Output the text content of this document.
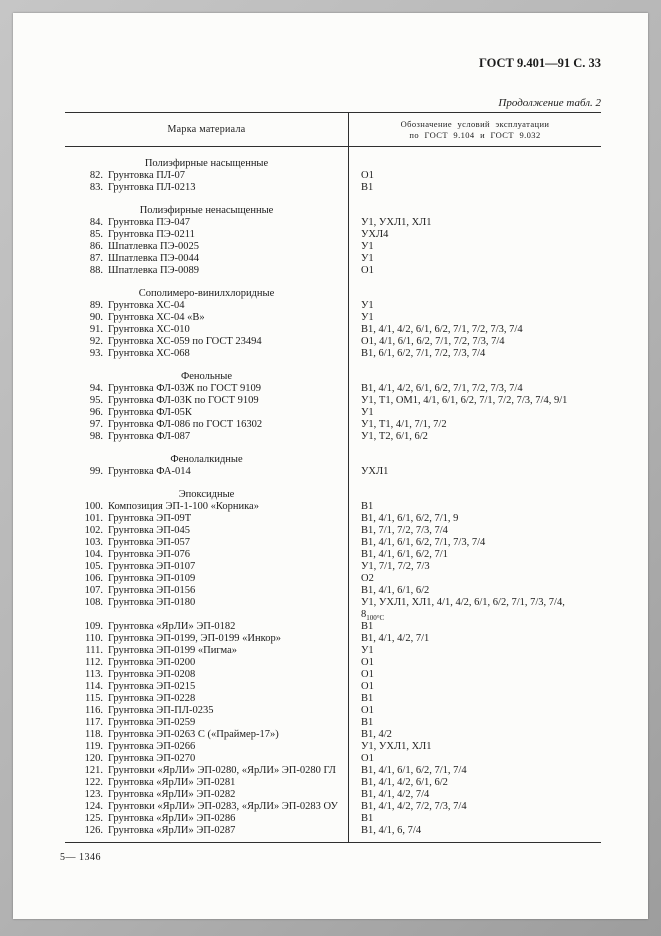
ГОСТ 9.401—91 С. 33
Продолжение табл. 2
Марка материала	Обозначение условий эксплуатации
по ГОСТ 9.104 и ГОСТ 9.032

Полиэфирные насыщенные	
82. Грунтовка ПЛ-07	О1
83. Грунтовка ПЛ-0213	В1
Полиэфирные ненасыщенные	
84. Грунтовка ПЭ-047	У1, УХЛ1, ХЛ1
85. Грунтовка ПЭ-0211	УХЛ4
86. Шпатлевка ПЭ-0025	У1
87. Шпатлевка ПЭ-0044	У1
88. Шпатлевка ПЭ-0089	О1
Сополимеро-винилхлоридные	
89. Грунтовка ХС-04	У1
90. Грунтовка ХС-04 «В»	У1
91. Грунтовка ХС-010	В1, 4/1, 4/2, 6/1, 6/2, 7/1, 7/2, 7/3, 7/4
92. Грунтовка ХС-059 по ГОСТ 23494	О1, 4/1, 6/1, 6/2, 7/1, 7/2, 7/3, 7/4
93. Грунтовка ХС-068	В1, 6/1, 6/2, 7/1, 7/2, 7/3, 7/4
Фенольные	
94. Грунтовка ФЛ-03Ж по ГОСТ 9109	В1, 4/1, 4/2, 6/1, 6/2, 7/1, 7/2, 7/3, 7/4
95. Грунтовка ФЛ-03К по ГОСТ 9109	У1, Т1, ОМ1, 4/1, 6/1, 6/2, 7/1, 7/2, 7/3, 7/4, 9/1
96. Грунтовка ФЛ-05К	У1
97. Грунтовка ФЛ-086 по ГОСТ 16302	У1, Т1, 4/1, 7/1, 7/2
98. Грунтовка ФЛ-087	У1, Т2, 6/1, 6/2
Фенолалкидные	
99. Грунтовка ФА-014	УХЛ1
Эпоксидные	
100. Композиция ЭП-1-100 «Корника»	В1
101. Грунтовка ЭП-09Т	В1, 4/1, 6/1, 6/2, 7/1, 9
102. Грунтовка ЭП-045	В1, 7/1, 7/2, 7/3, 7/4
103. Грунтовка ЭП-057	В1, 4/1, 6/1, 6/2, 7/1, 7/3, 7/4
104. Грунтовка ЭП-076	В1, 4/1, 6/1, 6/2, 7/1
105. Грунтовка ЭП-0107	У1, 7/1, 7/2, 7/3
106. Грунтовка ЭП-0109	О2
107. Грунтовка ЭП-0156	В1, 4/1, 6/1, 6/2
108. Грунтовка ЭП-0180	У1, УХЛ1, ХЛ1, 4/1, 4/2, 6/1, 6/2, 7/1, 7/3, 7/4,
$8_{100^\circ С}$

109. Грунтовка «ЯрЛИ» ЭП-0182	В1
110. Грунтовка ЭП-0199, ЭП-0199 «Инкор»	В1, 4/1, 4/2, 7/1
111. Грунтовка ЭП-0199 «Пигма»	У1
112. Грунтовка ЭП-0200	О1
113. Грунтовка ЭП-0208	О1
114. Грунтовка ЭП-0215	О1
115. Грунтовка ЭП-0228	В1
116. Грунтовка ЭП-ПЛ-0235	О1
117. Грунтовка ЭП-0259	В1
118. Грунтовка ЭП-0263 С («Праймер-17»)	В1, 4/2
119. Грунтовка ЭП-0266	У1, УХЛ1, ХЛ1
120. Грунтовка ЭП-0270	О1
121. Грунтовки «ЯрЛИ» ЭП-0280, «ЯрЛИ» ЭП-0280 ГЛ	В1, 4/1, 6/1, 6/2, 7/1, 7/4
122. Грунтовка «ЯрЛИ» ЭП-0281	В1, 4/1, 4/2, 6/1, 6/2
123. Грунтовка «ЯрЛИ» ЭП-0282	В1, 4/1, 4/2, 7/4
124. Грунтовки «ЯрЛИ» ЭП-0283, «ЯрЛИ» ЭП-0283 ОУ	В1, 4/1, 4/2, 7/2, 7/3, 7/4
125. Грунтовка «ЯрЛИ» ЭП-0286	В1
126. Грунтовка «ЯрЛИ» ЭП-0287	В1, 4/1, 6, 7/4
5— 1346
